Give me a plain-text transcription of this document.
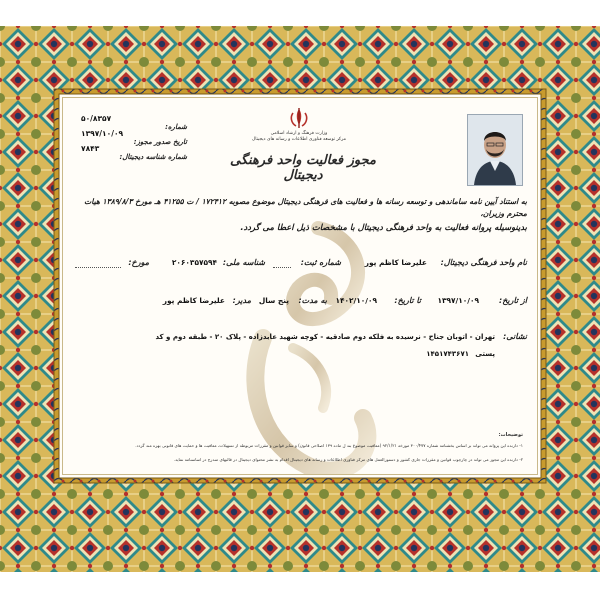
وزارت فرهنگ و ارشاد اسلامی
مرکز توسعه فناوری اطلاعات و رسانه های دیجیتال
مجوز فعالیت واحد فرهنگی دیجیتال
شماره:
۵۰/۸۳۵۷
تاریخ صدور مجوز:
۱۳۹۷/۱۰/۰۹
شماره شناسه دیجیتال:
۷۸۴۳
به استناد آیین نامه ساماندهی و توسعه رسانه ها و فعالیت های فرهنگی دیجیتال موضوع مصوبه ۱۷۲۴۱۲ / ت ۴۱۲۵۵ هـ مورخ ۱۳۸۹/۸/۳ هیات محترم وزیران،
بدینوسیله پروانه فعالیت به واحد فرهنگی دیجیتال با مشخصات ذیل اعطا می گردد.
نام واحد فرهنگی دیجیتال:
علیرضا کاظم پور
شماره ثبت:
شناسه ملی:
۲۰۶۰۳۵۷۵۹۴
مورخ:
از تاریخ:
۱۳۹۷/۱۰/۰۹
تا تاریخ:
۱۴۰۲/۱۰/۰۹
به مدت:
پنج سال
مدیر:
علیرضا کاظم پور
نشانی:
تهران - اتوبان جناح - نرسیده به فلکه دوم صادقیه - کوچه شهید عابدزاده - پلاک ۲۰ - طبقه دوم و کد
پستی
۱۴۵۱۷۴۳۶۷۱
توضیحات:
۱- دارنده این پروانه می تواند بر اساس بخشنامه شماره ۳۰۰/۴۷۷ مورخه ۹۲/۱/۲۱ (معافیت موضوع بند ل ماده ۱۳۹ اصلاحی قانون) و سایر قوانین و مقررات مربوطه از تسهیلات، معافیت ها و حمایت های قانونی بهره مند گردد.
۲- دارنده این مجوز می تواند در چارچوب قوانین و مقررات جاری کشور و دستورالعمل های مرکز فناوری اطلاعات و رسانه های دیجیتال اقدام به نشر محتوای دیجیتال در قالبهای مندرج در اساسنامه نماید.
